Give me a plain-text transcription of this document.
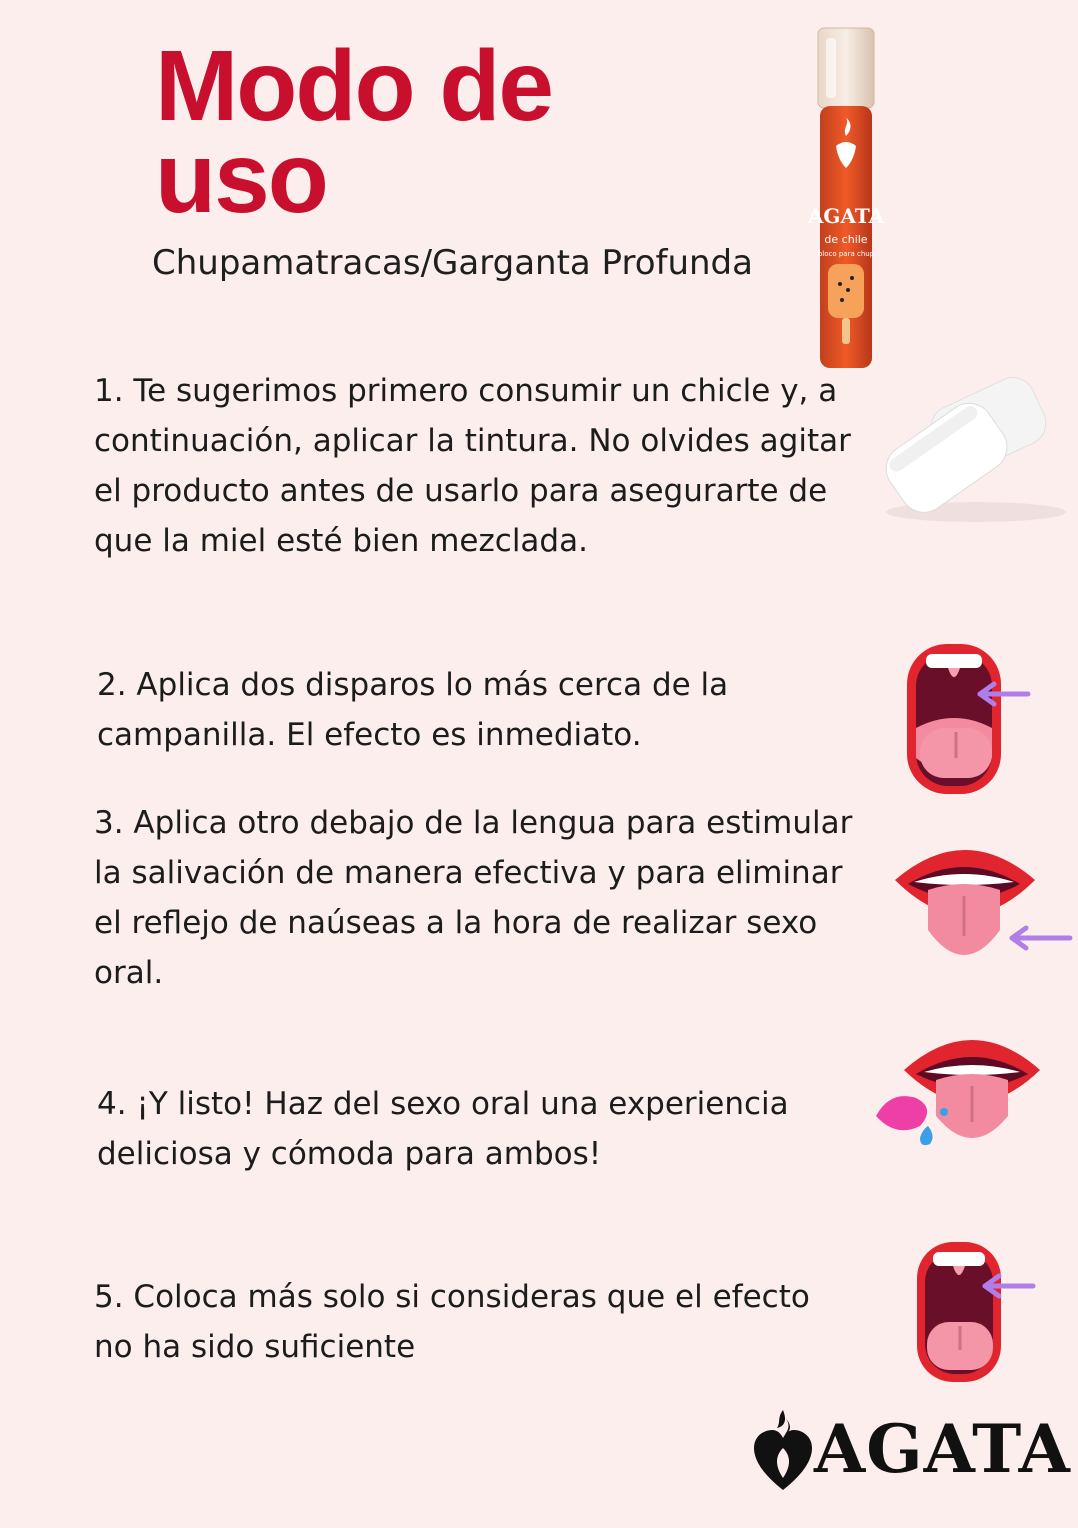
Modo de uso
Chupamatracas/Garganta Profunda
AGATA
de chile
bloco para chup
1. Te sugerimos primero consumir un chicle y, a continuación, aplicar la tintura. No olvides agitar el producto antes de usarlo para asegurarte de que la miel esté bien mezclada.
2. Aplica dos disparos lo más cerca de la campanilla. El efecto es inmediato.
3. Aplica otro debajo de la lengua para estimular la salivación de manera efectiva y para eliminar el reflejo de naúseas a la hora de realizar sexo oral.
4. ¡Y listo! Haz del sexo oral una experiencia deliciosa y cómoda para ambos!
5. Coloca más solo si consideras que el efecto no ha sido suficiente
AGATA
